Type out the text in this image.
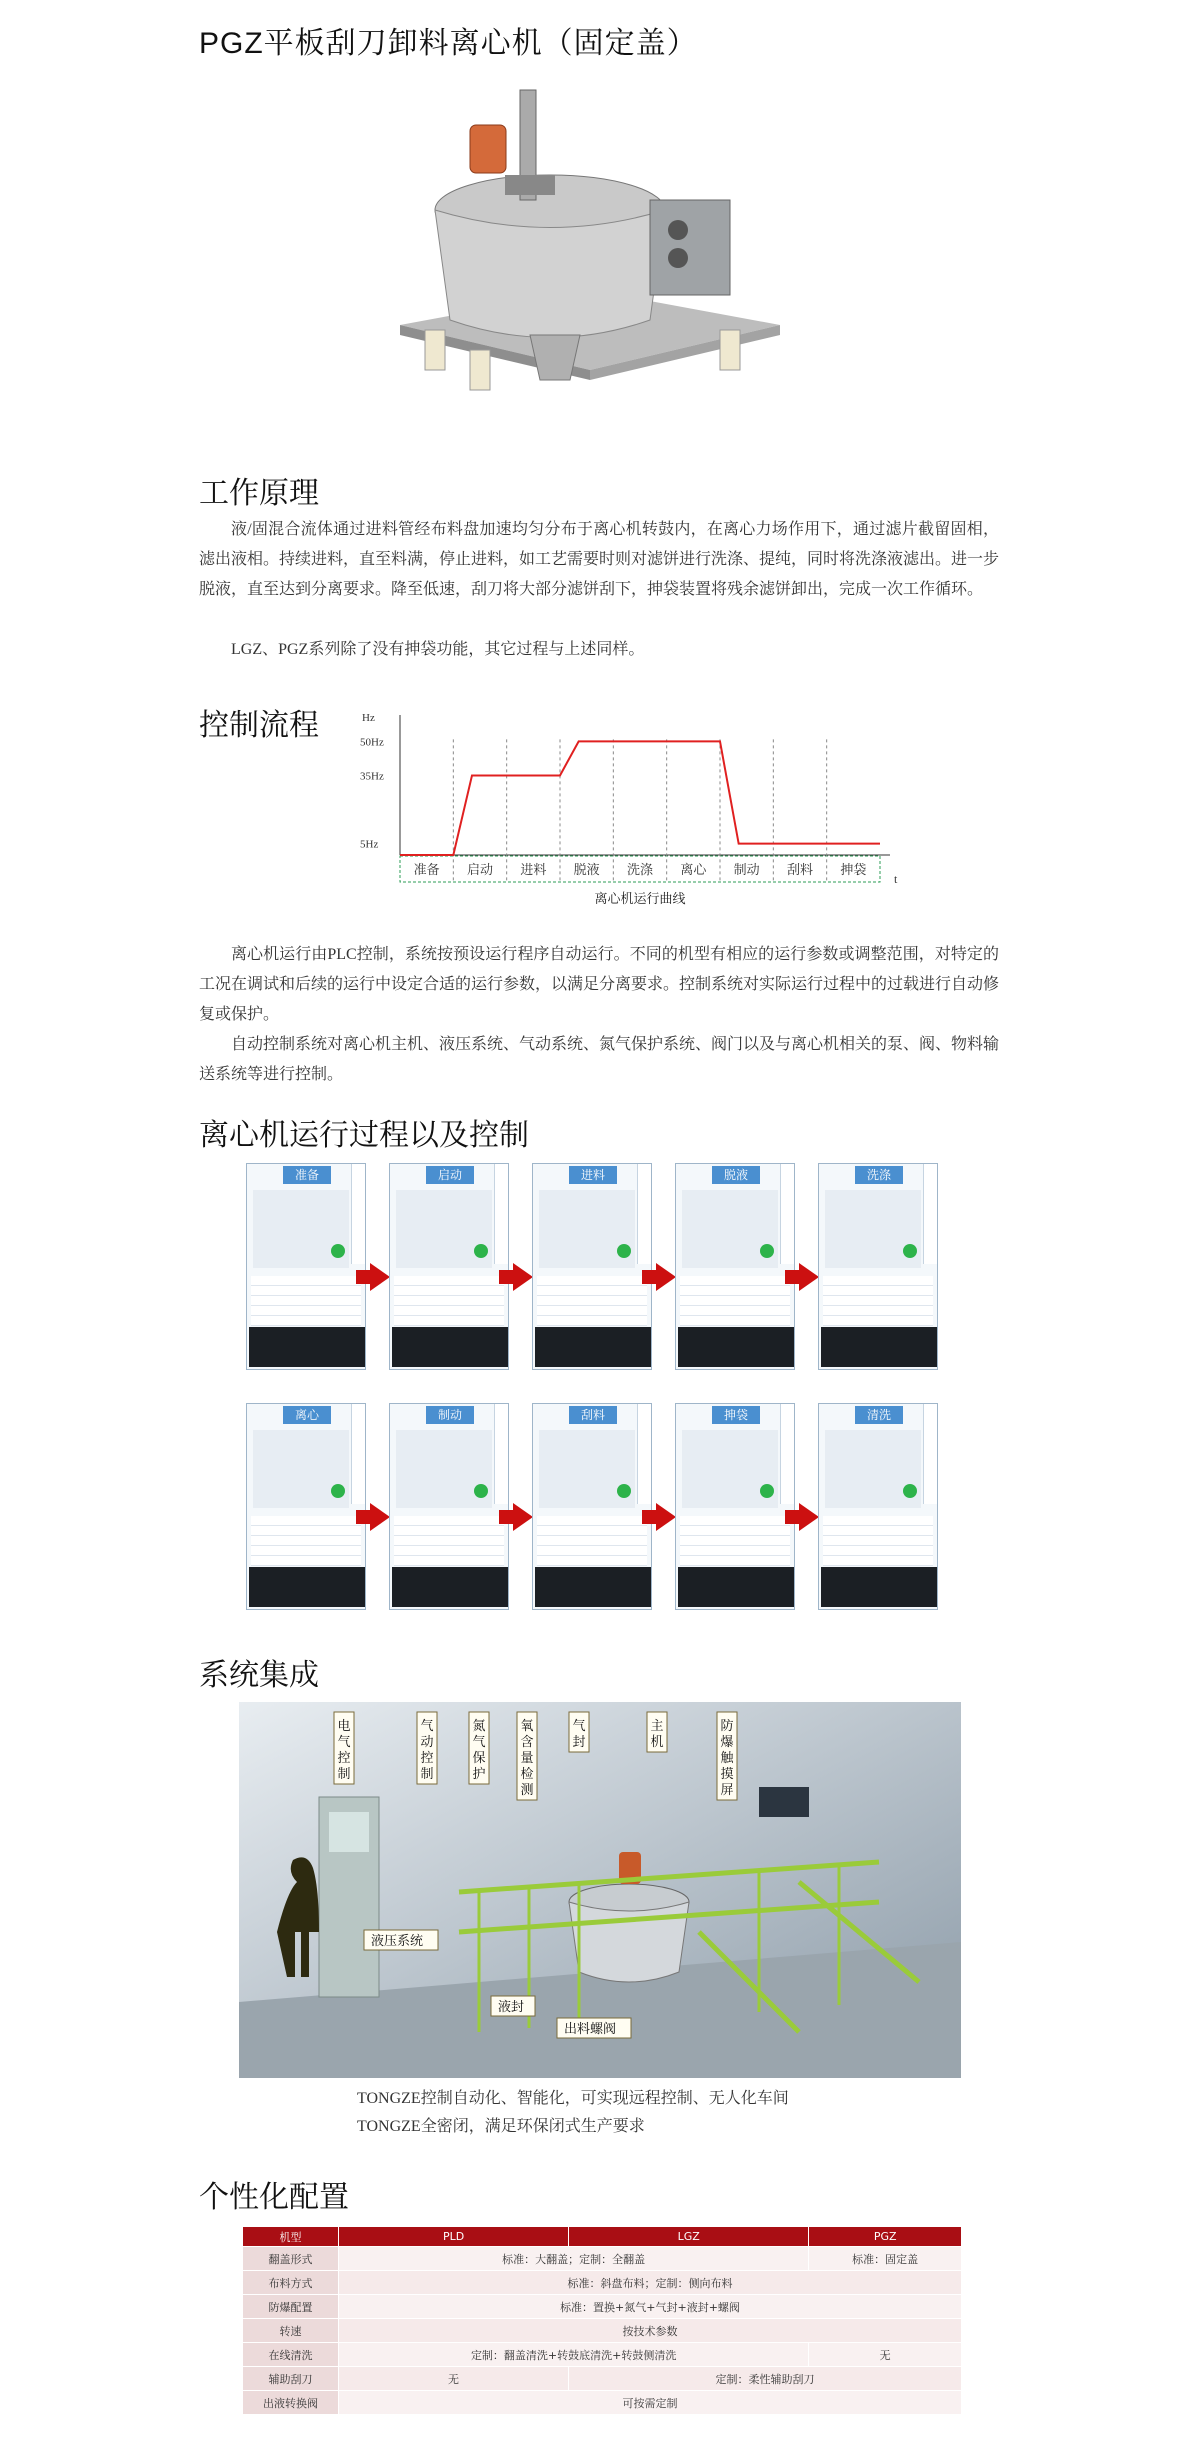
PGZ平板刮刀卸料离心机（固定盖）
工作原理
液/固混合流体通过进料管经布料盘加速均匀分布于离心机转鼓内，在离心力场作用下，通过滤片截留固相，滤出液相。持续进料，直至料满，停止进料，如工艺需要时则对滤饼进行洗涤、提纯，同时将洗涤液滤出。进一步脱液，直至达到分离要求。降至低速，刮刀将大部分滤饼刮下，抻袋装置将残余滤饼卸出，完成一次工作循环。
LGZ、PGZ系列除了没有抻袋功能，其它过程与上述同样。
控制流程	Hz
t
50Hz
35Hz
5Hz
准备 启动 进料 脱液 洗涤 离心 制动 刮料 抻袋
离心机运行曲线
离心机运行由PLC控制，系统按预设运行程序自动运行。不同的机型有相应的运行参数或调整范围，对特定的工况在调试和后续的运行中设定合适的运行参数，以满足分离要求。控制系统对实际运行过程中的过载进行自动修复或保护。
自动控制系统对离心机主机、液压系统、气动系统、氮气保护系统、阀门以及与离心机相关的泵、阀、物料输送系统等进行控制。
离心机运行过程以及控制
准备	启动	进料	脱液	洗涤
离心	制动	刮料	抻袋	清洗
系统集成
电气控制
气动控制
氮气保护
氧含量检测
气封
主机
防爆触摸屏
液压系统
液封
出料螺阀
TONGZE控制自动化、智能化，可实现远程控制、无人化车间
TONGZE全密闭，满足环保闭式生产要求
个性化配置
机型	PLD	LGZ	PGZ
翻盖形式	标准：大翻盖；定制：全翻盖		标准：固定盖
布料方式	标准：斜盘布料；定制：侧向布料		
防爆配置	标准：置换+氮气+气封+液封+螺阀		
转速	按技术参数		
在线清洗	定制：翻盖清洗+转鼓底清洗+转鼓侧清洗		无
辅助刮刀	无	定制：柔性辅助刮刀	
出液转换阀	可按需定制		
